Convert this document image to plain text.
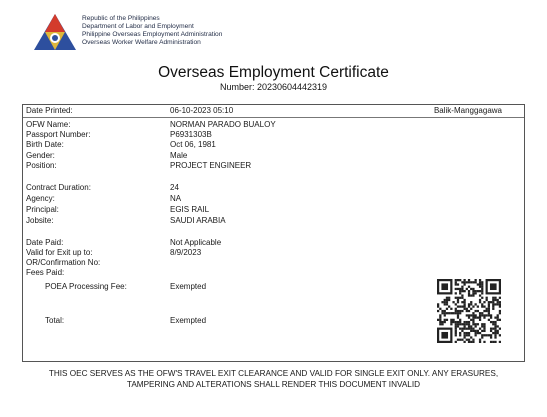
Republic of the Philippines
Department of Labor and Employment
Philippine Overseas Employment Administration
Overseas Worker Welfare Administration
Overseas Employment Certificate
Number: 20230604442319
Date Printed:	06-10-2023 05:10	Balik-Manggagawa
OFW Name:	NORMAN PARADO BUALOY
Passport Number:	P6931303B
Birth Date:	Oct 06, 1981
Gender:	Male
Position:	PROJECT ENGINEER
Contract Duration:	24
Agency:	NA
Principal:	EGIS RAIL
Jobsite:	SAUDI ARABIA
Date Paid:	Not Applicable
Valid for Exit up to:	8/9/2023
OR/Confirmation No:
Fees Paid:
POEA Processing Fee:	Exempted
Total:	Exempted
THIS OEC SERVES AS THE OFW'S TRAVEL EXIT CLEARANCE AND VALID FOR SINGLE EXIT ONLY. ANY ERASURES,
TAMPERING AND ALTERATIONS SHALL RENDER THIS DOCUMENT INVALID
